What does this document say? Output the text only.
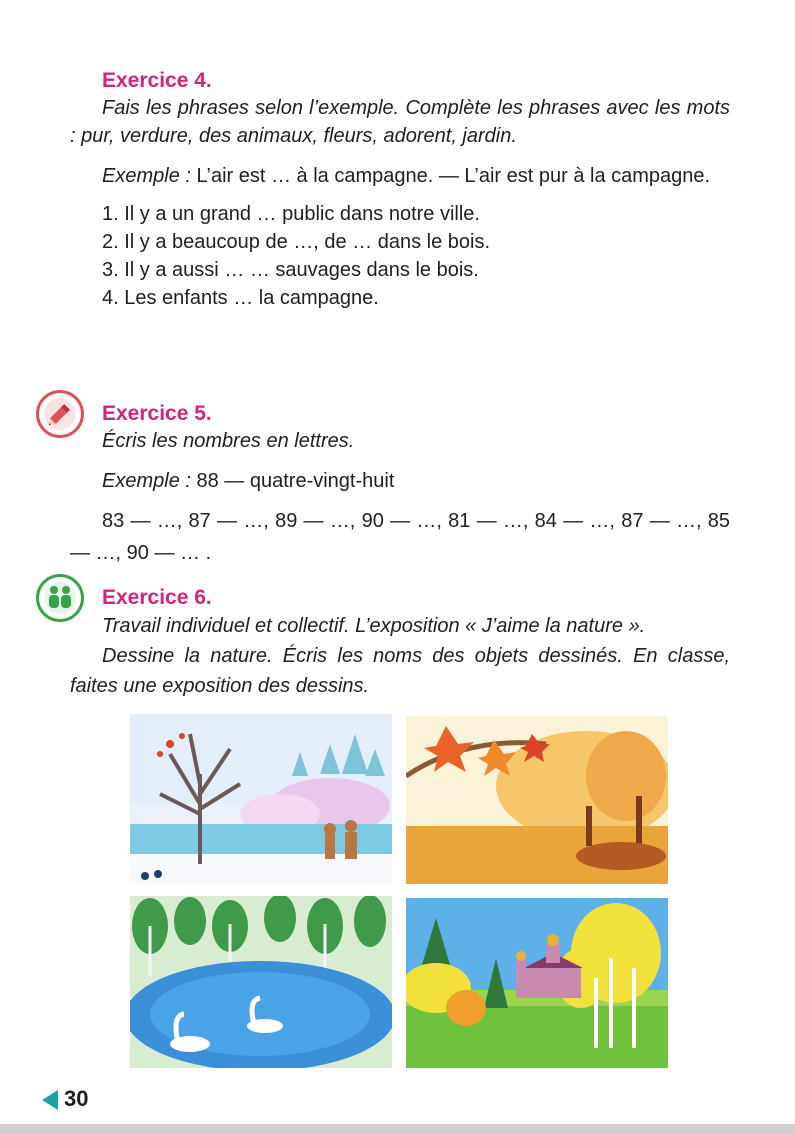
Exercice 4.
Fais les phrases selon l’exemple. Complète les phrases avec les mots : pur, verdure, des animaux, fleurs, adorent, jardin.
Exemple : L’air est … à la campagne. — L’air est pur à la campagne.
1. Il y a un grand … public dans notre ville.
2. Il y a beaucoup de …, de … dans le bois.
3. Il y a aussi … … sauvages dans le bois.
4. Les enfants … la campagne.
Exercice 5.
Écris les nombres en lettres.
Exemple : 88 — quatre-vingt-huit
83 — …, 87 — …, 89 — …, 90 — …, 81 — …, 84 — …, 87 — …, 85 — …, 90 — … .
Exercice 6.
Travail individuel et collectif. L’exposition « J’aime la nature ».
Dessine la nature. Écris les noms des objets dessinés. En classe, faites une exposition des dessins.
30
